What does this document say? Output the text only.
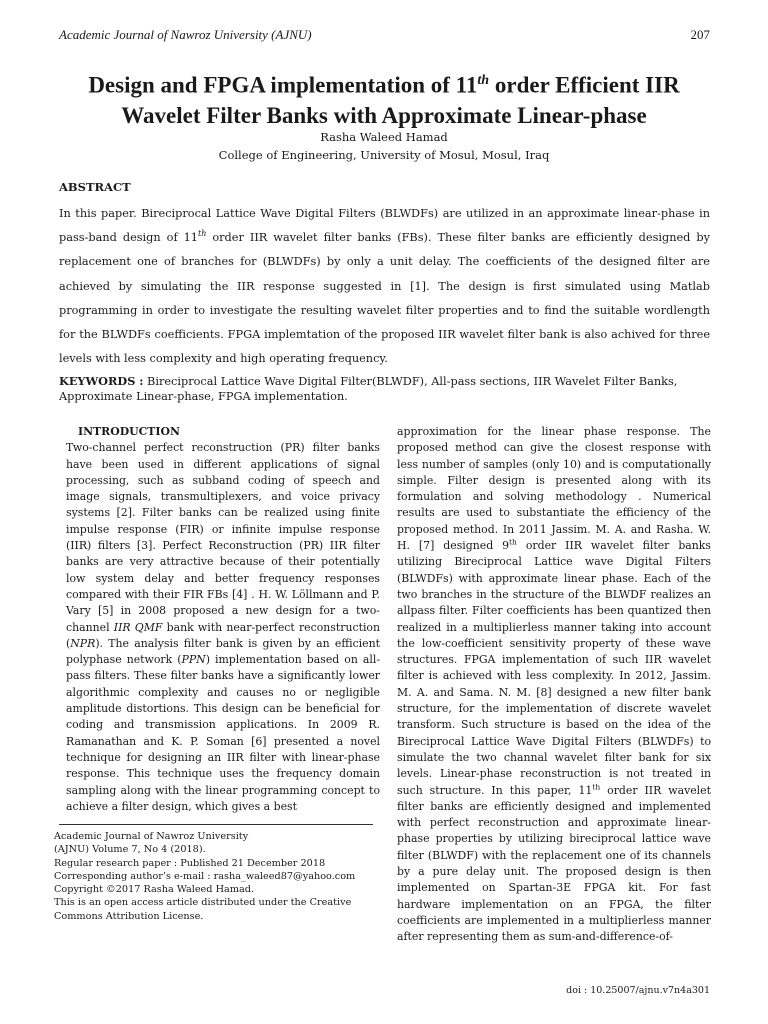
Academic Journal of Nawroz University (AJNU)	207
Design and FPGA implementation of 11th order Efficient IIR
Wavelet Filter Banks with Approximate Linear-phase
Rasha Waleed Hamad
College of Engineering, University of Mosul, Mosul, Iraq
ABSTRACT
In this paper. Bireciprocal Lattice Wave Digital Filters (BLWDFs) are utilized in an approximate linear-phase in pass-band design of 11th order IIR wavelet filter banks (FBs). These filter banks are efficiently designed by replacement one of branches for (BLWDFs) by only a unit delay. The coefficients of the designed filter are achieved by simulating the IIR response suggested in [1]. The design is first simulated using Matlab programming in order to investigate the resulting wavelet filter properties and to find the suitable wordlength for the BLWDFs coefficients. FPGA implemtation of the proposed IIR wavelet filter bank is also achived for three levels with less complexity and high operating frequency.
KEYWORDS : Bireciprocal Lattice Wave Digital Filter(BLWDF), All-pass sections, IIR Wavelet Filter Banks, Approximate Linear-phase, FPGA implementation.
INTRODUCTION
Two-channel perfect reconstruction (PR) filter banks have been used in different applications of signal processing, such as subband coding of speech and image signals, transmultiplexers, and voice privacy systems [2]. Filter banks can be realized using finite impulse response (FIR) or infinite impulse response (IIR) filters [3]. Perfect Reconstruction (PR) IIR filter banks are very attractive because of their potentially low system delay and better frequency responses compared with their FIR FBs [4] . H. W. Lӧllmann and P. Vary [5] in 2008 proposed a new design for a two-channel IIR QMF bank with near-perfect reconstruction (NPR). The analysis filter bank is given by an efficient polyphase network (PPN) implementation based on all-pass filters. These filter banks have a significantly lower algorithmic complexity and causes no or negligible amplitude distortions. This design can be beneficial for coding and transmission applications. In 2009 R. Ramanathan and K. P. Soman [6] presented a novel technique for designing an IIR filter with linear-phase response. This technique uses the frequency domain sampling along with the linear programming concept to achieve a filter design, which gives a best
approximation for the linear phase response. The proposed method can give the closest response with less number of samples (only 10) and is computationally simple. Filter design is presented along with its formulation and solving methodology . Numerical results are used to substantiate the efficiency of the proposed method. In 2011 Jassim. M. A. and Rasha. W. H. [7] designed 9th order IIR wavelet filter banks utilizing Bireciprocal Lattice wave Digital Filters (BLWDFs) with approximate linear phase. Each of the two branches in the structure of the BLWDF realizes an allpass filter. Filter coefficients has been quantized then realized in a multiplierless manner taking into account the low-coefficient sensitivity property of these wave structures. FPGA implementation of such IIR wavelet filter is achieved with less complexity. In 2012, Jassim. M. A. and Sama. N. M. [8] designed a new filter bank structure, for the implementation of discrete wavelet transform. Such structure is based on the idea of the Bireciprocal Lattice Wave Digital Filters (BLWDFs) to simulate the two channal wavelet filter bank for six levels. Linear-phase reconstruction is not treated in such structure. In this paper, 11th order IIR wavelet filter banks are efficiently designed and implemented with perfect reconstruction and approximate linear-phase properties by utilizing bireciprocal lattice wave filter (BLWDF) with the replacement one of its channels by a pure delay unit. The proposed design is then implemented on Spartan-3E FPGA kit. For fast hardware implementation on an FPGA, the filter coefficients are implemented in a multiplierless manner after representing them as sum-and-difference-of-
Academic Journal of Nawroz University
(AJNU) Volume 7, No 4 (2018).
Regular research paper : Published 21 December 2018
Corresponding author’s e-mail : rasha_waleed87@yahoo.com
Copyright ©2017 Rasha Waleed Hamad.
This is an open access article distributed under the Creative
Commons Attribution License.
doi : 10.25007/ajnu.v7n4a301
